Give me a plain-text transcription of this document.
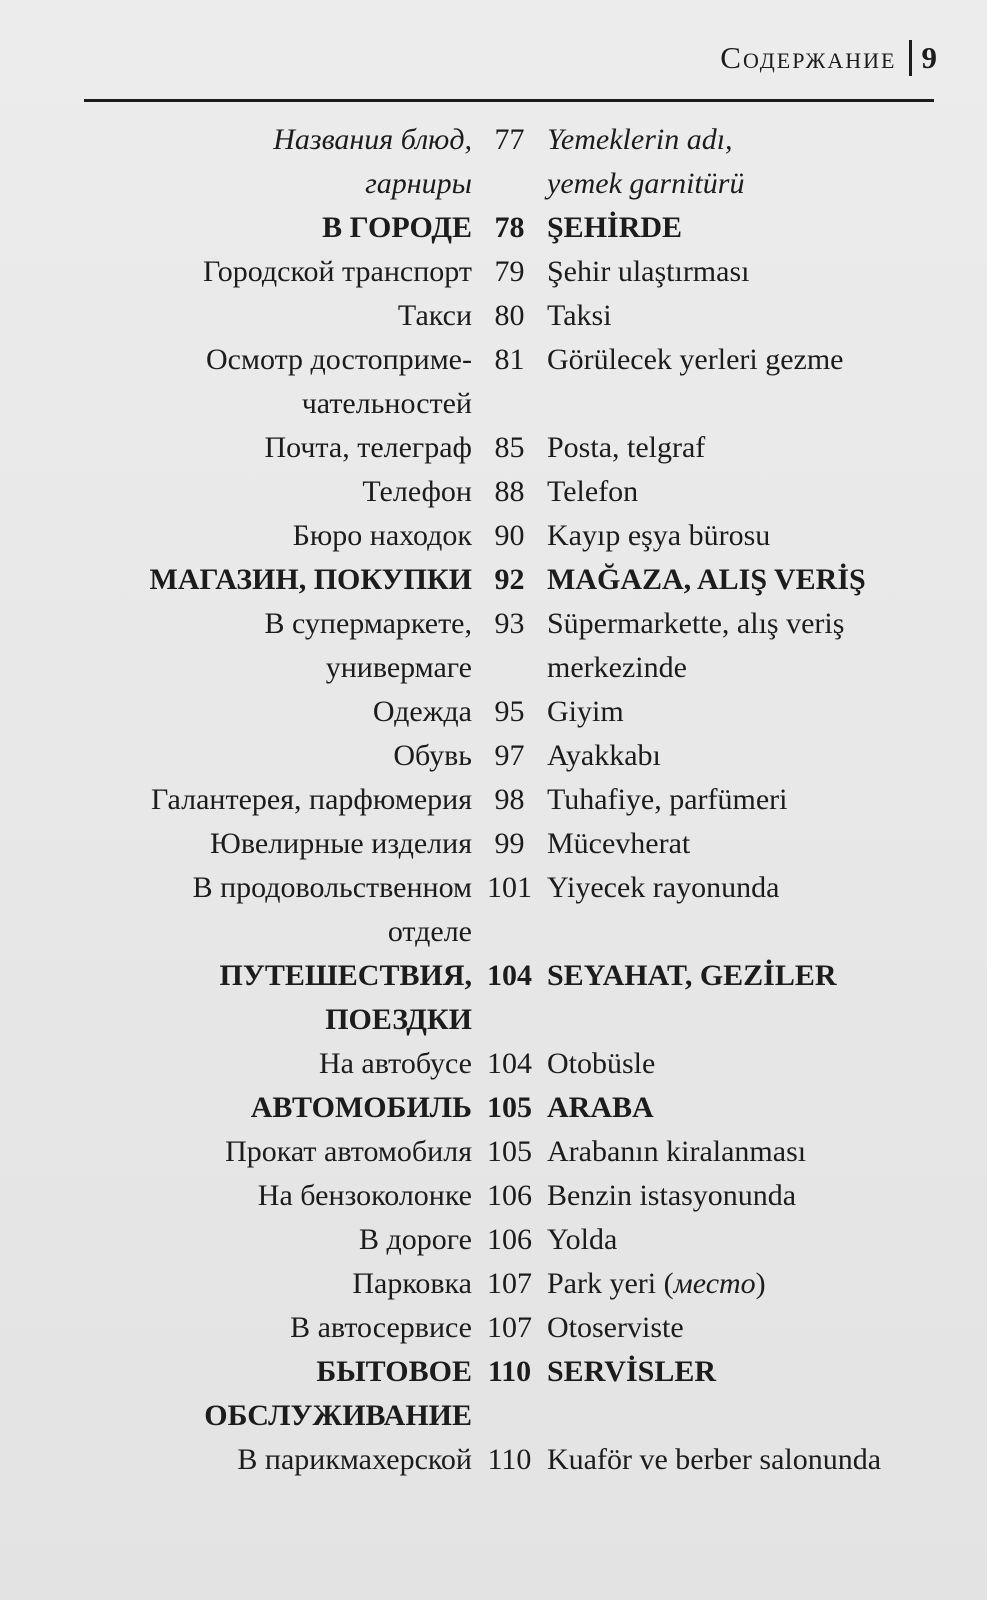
Содержание 9
Названия блюд,
гарниры
77 Yemeklerin adı,
yemek garnitürü
В ГОРОДЕ 78 ŞEHİRDE
Городской транспорт 79 Şehir ulaştırması
Такси 80 Taksi
Осмотр достоприме-
чательностей
81 Görülecek yerleri gezme
Почта, телеграф 85 Posta, telgraf
Телефон 88 Telefon
Бюро находок 90 Kayıp eşya bürosu
МАГАЗИН, ПОКУПКИ 92 MAĞAZA, ALIŞ VERİŞ
В супермаркете,
универмаге
93 Süpermarkette, alış veriş
merkezinde
Одежда 95 Giyim
Обувь 97 Ayakkabı
Галантерея, парфюмерия 98 Tuhafiye, parfümeri
Ювелирные изделия 99 Mücevherat
В продовольственном
отделе
101 Yiyecek rayonunda
ПУТЕШЕСТВИЯ,
ПОЕЗДКИ
104 SEYAHAT, GEZİLER
На автобусе 104 Otobüsle
АВТОМОБИЛЬ 105 ARABA
Прокат автомобиля 105 Arabanın kiralanması
На бензоколонке 106 Benzin istasyonunda
В дороге 106 Yolda
Парковка 107 Park yeri (место)
В автосервисе 107 Otoserviste
БЫТОВОЕ
ОБСЛУЖИВАНИЕ
110 SERVİSLER
В парикмахерской 110 Kuaför ve berber salonunda
